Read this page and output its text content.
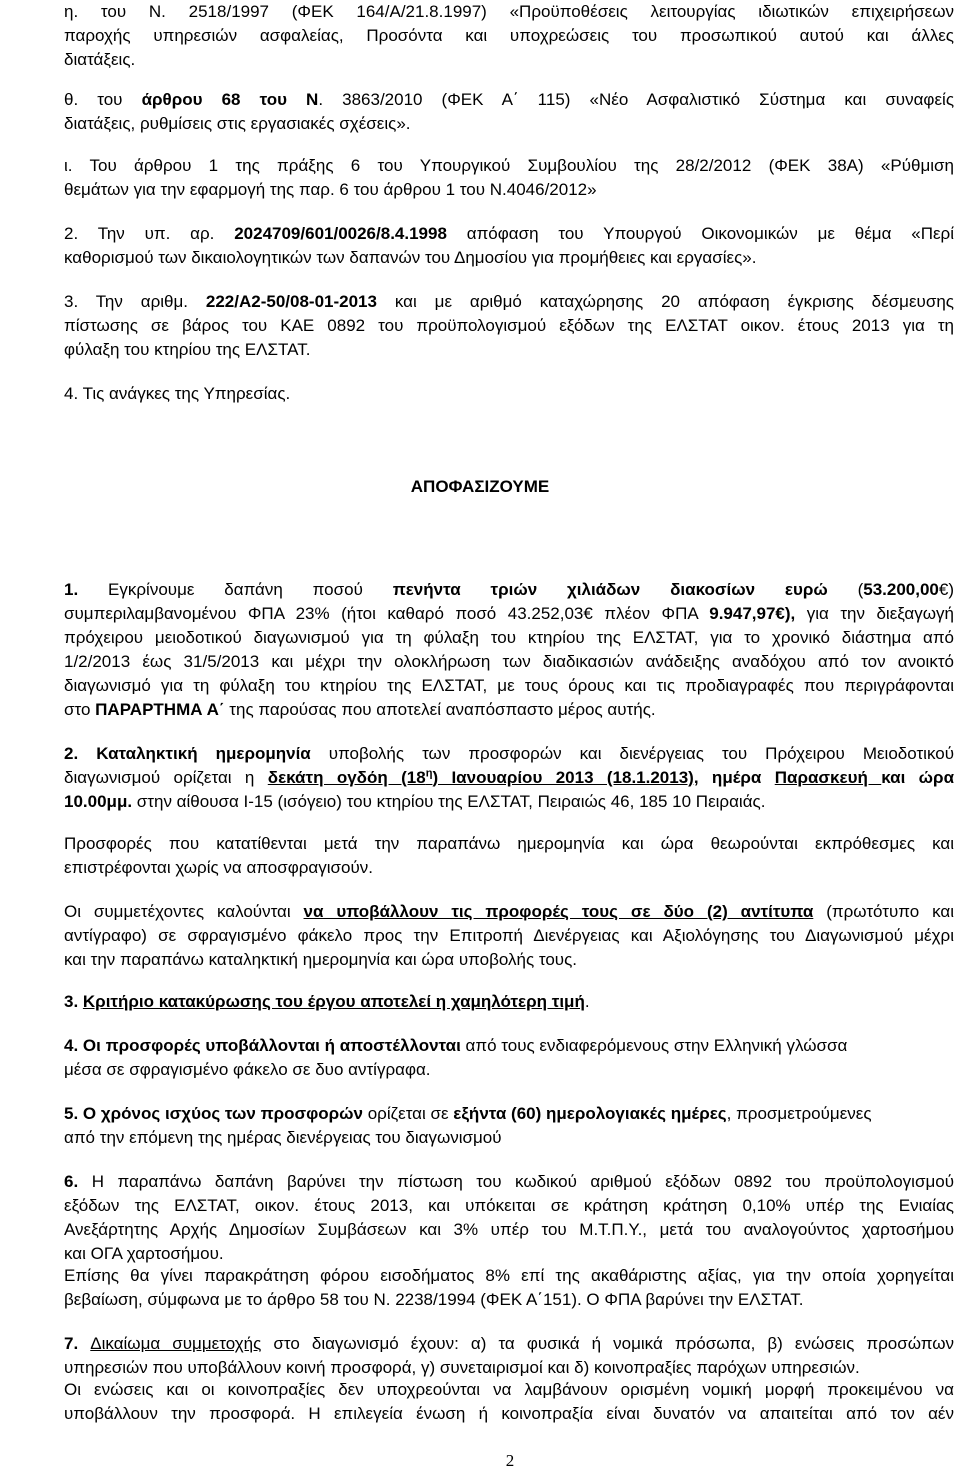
η. του Ν. 2518/1997 (ΦΕΚ 164/Α/21.8.1997) «Προϋποθέσεις λειτουργίας ιδιωτικών επιχειρήσεων
παροχής υπηρεσιών ασφαλείας, Προσόντα και υποχρεώσεις του προσωπικού αυτού και άλλες
διατάξεις.
θ. του άρθρου 68 του Ν. 3863/2010 (ΦΕΚ Α΄ 115) «Νέο Ασφαλιστικό Σύστημα και συναφείς
διατάξεις, ρυθμίσεις στις εργασιακές σχέσεις».
ι. Του άρθρου 1 της πράξης 6 του Υπουργικού Συμβουλίου της 28/2/2012 (ΦΕΚ 38Α) «Ρύθμιση
θεμάτων για την εφαρμογή της παρ. 6 του άρθρου 1 του Ν.4046/2012»
2. Την υπ. αρ. 2024709/601/0026/8.4.1998 απόφαση του Υπουργού Οικονομικών με θέμα «Περί
καθορισμού των δικαιολογητικών των δαπανών του Δημοσίου για προμήθειες και εργασίες».
3. Την αριθμ. 222/Α2-50/08-01-2013 και με αριθμό καταχώρησης 20 απόφαση έγκρισης δέσμευσης
πίστωσης σε βάρος του ΚΑΕ 0892 του προϋπολογισμού εξόδων της ΕΛΣΤΑΤ οικον. έτους 2013 για τη
φύλαξη του κτηρίου της ΕΛΣΤΑΤ.
4. Τις ανάγκες της Υπηρεσίας.
ΑΠΟΦΑΣΙΖΟΥΜΕ
1. Εγκρίνουμε δαπάνη ποσού πενήντα τριών χιλιάδων διακοσίων ευρώ (53.200,00€)
συμπεριλαμβανομένου ΦΠΑ 23% (ήτοι καθαρό ποσό 43.252,03€ πλέον ΦΠΑ 9.947,97€), για την διεξαγωγή
πρόχειρου μειοδοτικού διαγωνισμού για τη φύλαξη του κτηρίου της ΕΛΣΤΑΤ, για το χρονικό διάστημα από
1/2/2013 έως 31/5/2013 και μέχρι την ολοκλήρωση των διαδικασιών ανάδειξης αναδόχου από τον ανοικτό
διαγωνισμό για τη φύλαξη του κτηρίου της ΕΛΣΤΑΤ, με τους όρους και τις προδιαγραφές που περιγράφονται
στο ΠΑΡΑΡΤΗΜΑ Α΄ της παρούσας που αποτελεί αναπόσπαστο μέρος αυτής.
2. Καταληκτική ημερομηνία υποβολής των προσφορών και διενέργειας του Πρόχειρου Μειοδοτικού
διαγωνισμού ορίζεται η δεκάτη ογδόη $(18^\eta)$ Ιανουαρίου 2013 (18.1.2013), ημέρα Παρασκευή και ώρα
10.00μμ. στην αίθουσα Ι-15 (ισόγειο) του κτηρίου της ΕΛΣΤΑΤ, Πειραιώς 46, 185 10 Πειραιάς.
Προσφορές που κατατίθενται μετά την παραπάνω ημερομηνία και ώρα θεωρούνται εκπρόθεσμες και
επιστρέφονται χωρίς να αποσφραγισούν.
Οι συμμετέχοντες καλούνται να υποβάλλουν τις προφορές τους σε δύο (2) αντίτυπα (πρωτότυπο και
αντίγραφο) σε σφραγισμένο φάκελο προς την Επιτροπή Διενέργειας και Αξιολόγησης του Διαγωνισμού μέχρι
και την παραπάνω καταληκτική ημερομηνία και ώρα υποβολής τους.
3. Κριτήριο κατακύρωσης του έργου αποτελεί η χαμηλότερη τιμή.
4. Οι προσφορές υποβάλλονται ή αποστέλλονται από τους ενδιαφερόμενους στην Ελληνική γλώσσα
μέσα σε σφραγισμένο φάκελο σε δυο αντίγραφα.
5. Ο χρόνος ισχύος των προσφορών ορίζεται σε εξήντα (60) ημερολογιακές ημέρες, προσμετρούμενες
από την επόμενη της ημέρας διενέργειας του διαγωνισμού
6. Η παραπάνω δαπάνη βαρύνει την πίστωση του κωδικού αριθμού εξόδων 0892 του προϋπολογισμού
εξόδων της ΕΛΣΤΑΤ, οικον. έτους 2013, και υπόκειται σε κράτηση κράτηση 0,10% υπέρ της Ενιαίας
Ανεξάρτητης Αρχής Δημοσίων Συμβάσεων και 3% υπέρ του Μ.Τ.Π.Υ., μετά του αναλογούντος χαρτοσήμου
και ΟΓΑ χαρτοσήμου.
Επίσης θα γίνει παρακράτηση φόρου εισοδήματος 8% επί της ακαθάριστης αξίας, για την οποία χορηγείται
βεβαίωση, σύμφωνα με το άρθρο 58 του Ν. 2238/1994 (ΦΕΚ Α΄151). Ο ΦΠΑ βαρύνει την ΕΛΣΤΑΤ.
7. Δικαίωμα συμμετοχής στο διαγωνισμό έχουν: α) τα φυσικά ή νομικά πρόσωπα, β) ενώσεις προσώπων
υπηρεσιών που υποβάλλουν κοινή προσφορά, γ) συνεταιρισμοί και δ) κοινοπραξίες παρόχων υπηρεσιών.
Οι ενώσεις και οι κοινοπραξίες δεν υποχρεούνται να λαμβάνουν ορισμένη νομική μορφή προκειμένου να
υποβάλλουν την προσφορά. Η επιλεγεία ένωση ή κοινοπραξία είναι δυνατόν να απαιτείται από τον αέν
2
